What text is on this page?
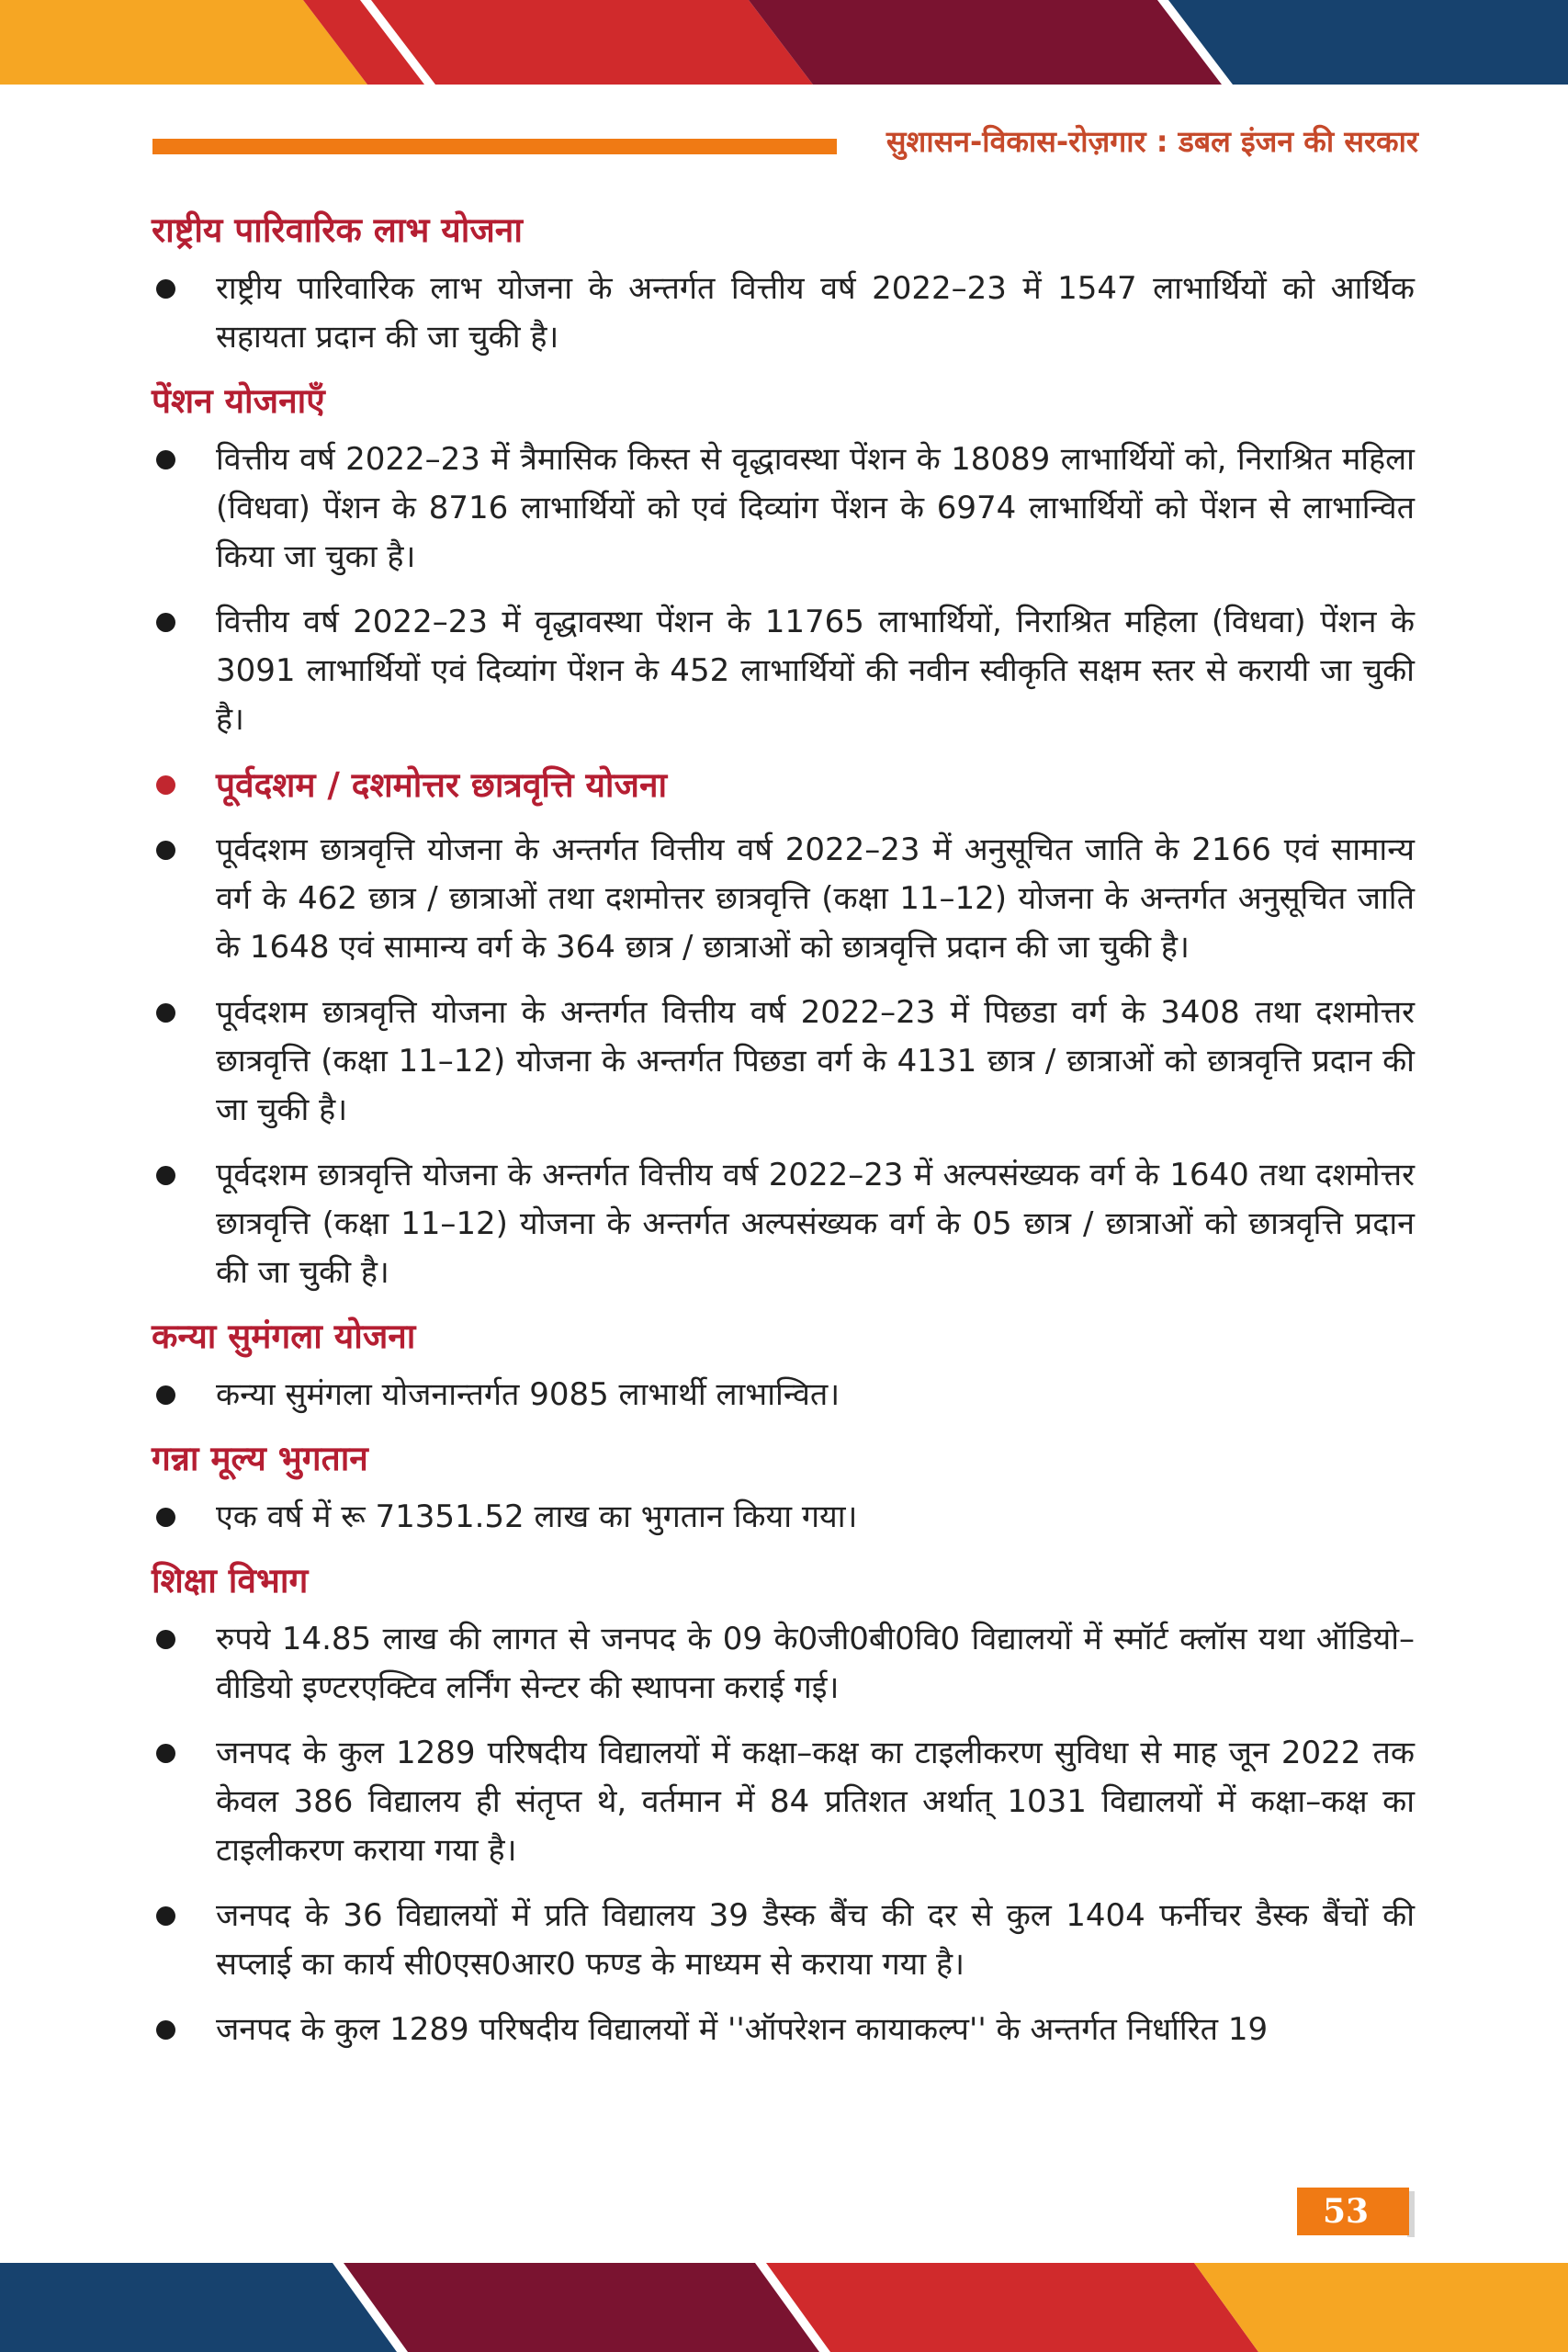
सुशासन-विकास-रोज़गार : डबल इंजन की सरकार
राष्ट्रीय पारिवारिक लाभ योजना
राष्ट्रीय पारिवारिक लाभ योजना के अन्तर्गत वित्तीय वर्ष 2022–23 में 1547 लाभार्थियों को आर्थिक सहायता प्रदान की जा चुकी है।
पेंशन योजनाएँ
वित्तीय वर्ष 2022–23 में त्रैमासिक किस्त से वृद्धावस्था पेंशन के 18089 लाभार्थियों को, निराश्रित महिला (विधवा) पेंशन के 8716 लाभार्थियों को एवं दिव्यांग पेंशन के 6974 लाभार्थियों को पेंशन से लाभान्वित किया जा चुका है।
वित्तीय वर्ष 2022–23 में वृद्धावस्था पेंशन के 11765 लाभार्थियों, निराश्रित महिला (विधवा) पेंशन के 3091 लाभार्थियों एवं दिव्यांग पेंशन के 452 लाभार्थियों की नवीन स्वीकृति सक्षम स्तर से करायी जा चुकी है।
पूर्वदशम / दशमोत्तर छात्रवृत्ति योजना
पूर्वदशम छात्रवृत्ति योजना के अन्तर्गत वित्तीय वर्ष 2022–23 में अनुसूचित जाति के 2166 एवं सामान्य वर्ग के 462 छात्र / छात्राओं तथा दशमोत्तर छात्रवृत्ति (कक्षा 11–12) योजना के अन्तर्गत अनुसूचित जाति के 1648 एवं सामान्य वर्ग के 364 छात्र / छात्राओं को छात्रवृत्ति प्रदान की जा चुकी है।
पूर्वदशम छात्रवृत्ति योजना के अन्तर्गत वित्तीय वर्ष 2022–23 में पिछडा वर्ग के 3408 तथा दशमोत्तर छात्रवृत्ति (कक्षा 11–12) योजना के अन्तर्गत पिछडा वर्ग के 4131 छात्र / छात्राओं को छात्रवृत्ति प्रदान की जा चुकी है।
पूर्वदशम छात्रवृत्ति योजना के अन्तर्गत वित्तीय वर्ष 2022–23 में अल्पसंख्यक वर्ग के 1640 तथा दशमोत्तर छात्रवृत्ति (कक्षा 11–12) योजना के अन्तर्गत अल्पसंख्यक वर्ग के 05 छात्र / छात्राओं को छात्रवृत्ति प्रदान की जा चुकी है।
कन्या सुमंगला योजना
कन्या सुमंगला योजनान्तर्गत 9085 लाभार्थी लाभान्वित।
गन्ना मूल्य भुगतान
एक वर्ष में रू 71351.52 लाख का भुगतान किया गया।
शिक्षा विभाग
रुपये 14.85 लाख की लागत से जनपद के 09 के0जी0बी0वि0 विद्यालयों में स्मॉर्ट क्लॉस यथा ऑडियो–वीडियो इण्टरएक्टिव लर्निंग सेन्टर की स्थापना कराई गई।
जनपद के कुल 1289 परिषदीय विद्यालयों में कक्षा–कक्ष का टाइलीकरण सुविधा से माह जून 2022 तक केवल 386 विद्यालय ही संतृप्त थे, वर्तमान में 84 प्रतिशत अर्थात् 1031 विद्यालयों में कक्षा–कक्ष का टाइलीकरण कराया गया है।
जनपद के 36 विद्यालयों में प्रति विद्यालय 39 डैस्क बैंच की दर से कुल 1404 फर्नीचर डैस्क बैंचों की सप्लाई का कार्य सी0एस0आर0 फण्ड के माध्यम से कराया गया है।
जनपद के कुल 1289 परिषदीय विद्यालयों में ''ऑपरेशन कायाकल्प'' के अन्तर्गत निर्धारित 19
53
